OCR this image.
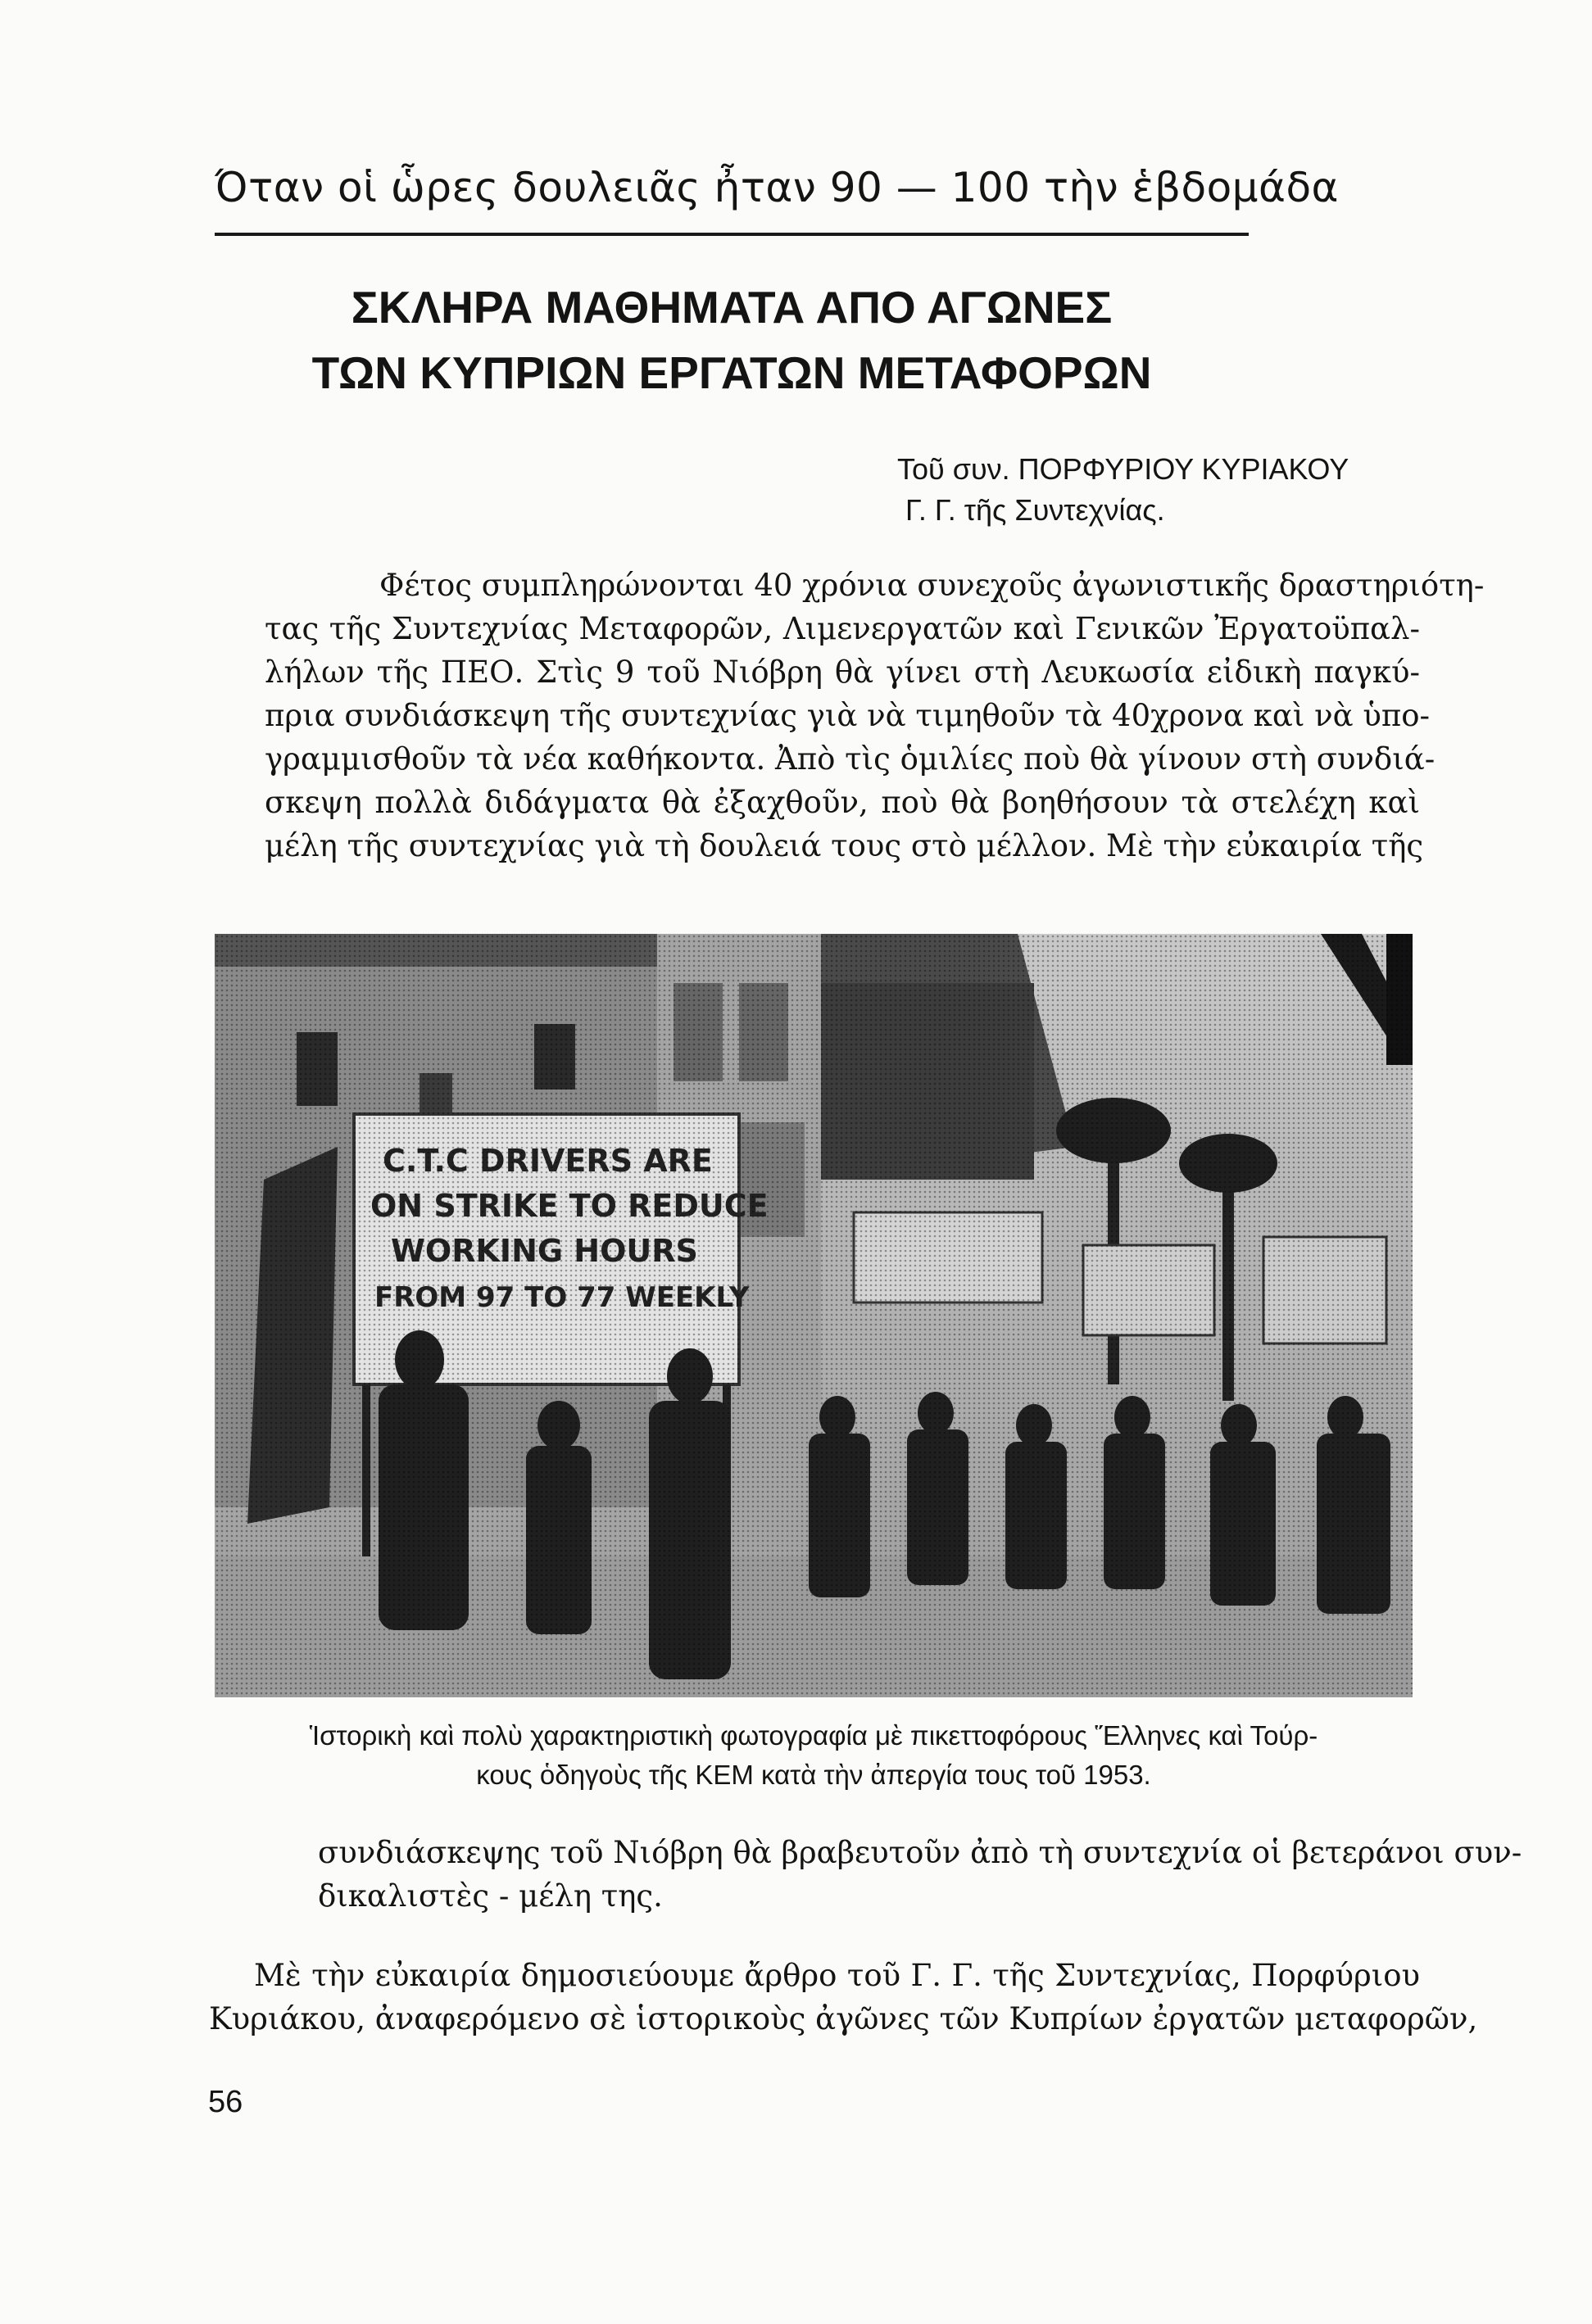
Όταν οἱ ὧρες δουλειᾶς ἦταν 90 — 100 τὴν ἑβδομάδα
ΣΚΛΗΡΑ ΜΑΘΗΜΑΤΑ ΑΠΟ ΑΓΩΝΕΣ
ΤΩΝ ΚΥΠΡΙΩΝ ΕΡΓΑΤΩΝ ΜΕΤΑΦΟΡΩΝ
Τοῦ συν. ΠΟΡΦΥΡΙΟΥ ΚΥΡΙΑΚΟΥ
Γ. Γ. τῆς Συντεχνίας.
Φέτος συμπληρώνονται 40 χρόνια συνεχοῦς ἀγωνιστικῆς δραστηριότη-
τας τῆς Συντεχνίας Μεταφορῶν, Λιμενεργατῶν καὶ Γενικῶν Ἐργατοϋπαλ-
λήλων τῆς ΠΕΟ. Στὶς 9 τοῦ Νιόβρη θὰ γίνει στὴ Λευκωσία εἰδικὴ παγκύ-
πρια συνδιάσκεψη τῆς συντεχνίας γιὰ νὰ τιμηθοῦν τὰ 40χρονα καὶ νὰ ὑπο-
γραμμισθοῦν τὰ νέα καθήκοντα. Ἀπὸ τὶς ὁμιλίες ποὺ θὰ γίνουν στὴ συνδιά-
σκεψη πολλὰ διδάγματα θὰ ἐξαχθοῦν, ποὺ θὰ βοηθήσουν τὰ στελέχη καὶ
μέλη τῆς συντεχνίας γιὰ τὴ δουλειά τους στὸ μέλλον. Μὲ τὴν εὐκαιρία τῆς
Ἱστορικὴ καὶ πολὺ χαρακτηριστικὴ φωτογραφία μὲ πικεττοφόρους Ἕλληνες καὶ Τούρ-
κους ὁδηγοὺς τῆς ΚΕΜ κατὰ τὴν ἀπεργία τους τοῦ 1953.
συνδιάσκεψης τοῦ Νιόβρη θὰ βραβευτοῦν ἀπὸ τὴ συντεχνία οἱ βετεράνοι συν-
δικαλιστὲς - μέλη της.
Μὲ τὴν εὐκαιρία δημοσιεύουμε ἄρθρο τοῦ Γ. Γ. τῆς Συντεχνίας, Πορφύριου
Κυριάκου, ἀναφερόμενο σὲ ἱστορικοὺς ἀγῶνες τῶν Κυπρίων ἐργατῶν μεταφορῶν,
56
